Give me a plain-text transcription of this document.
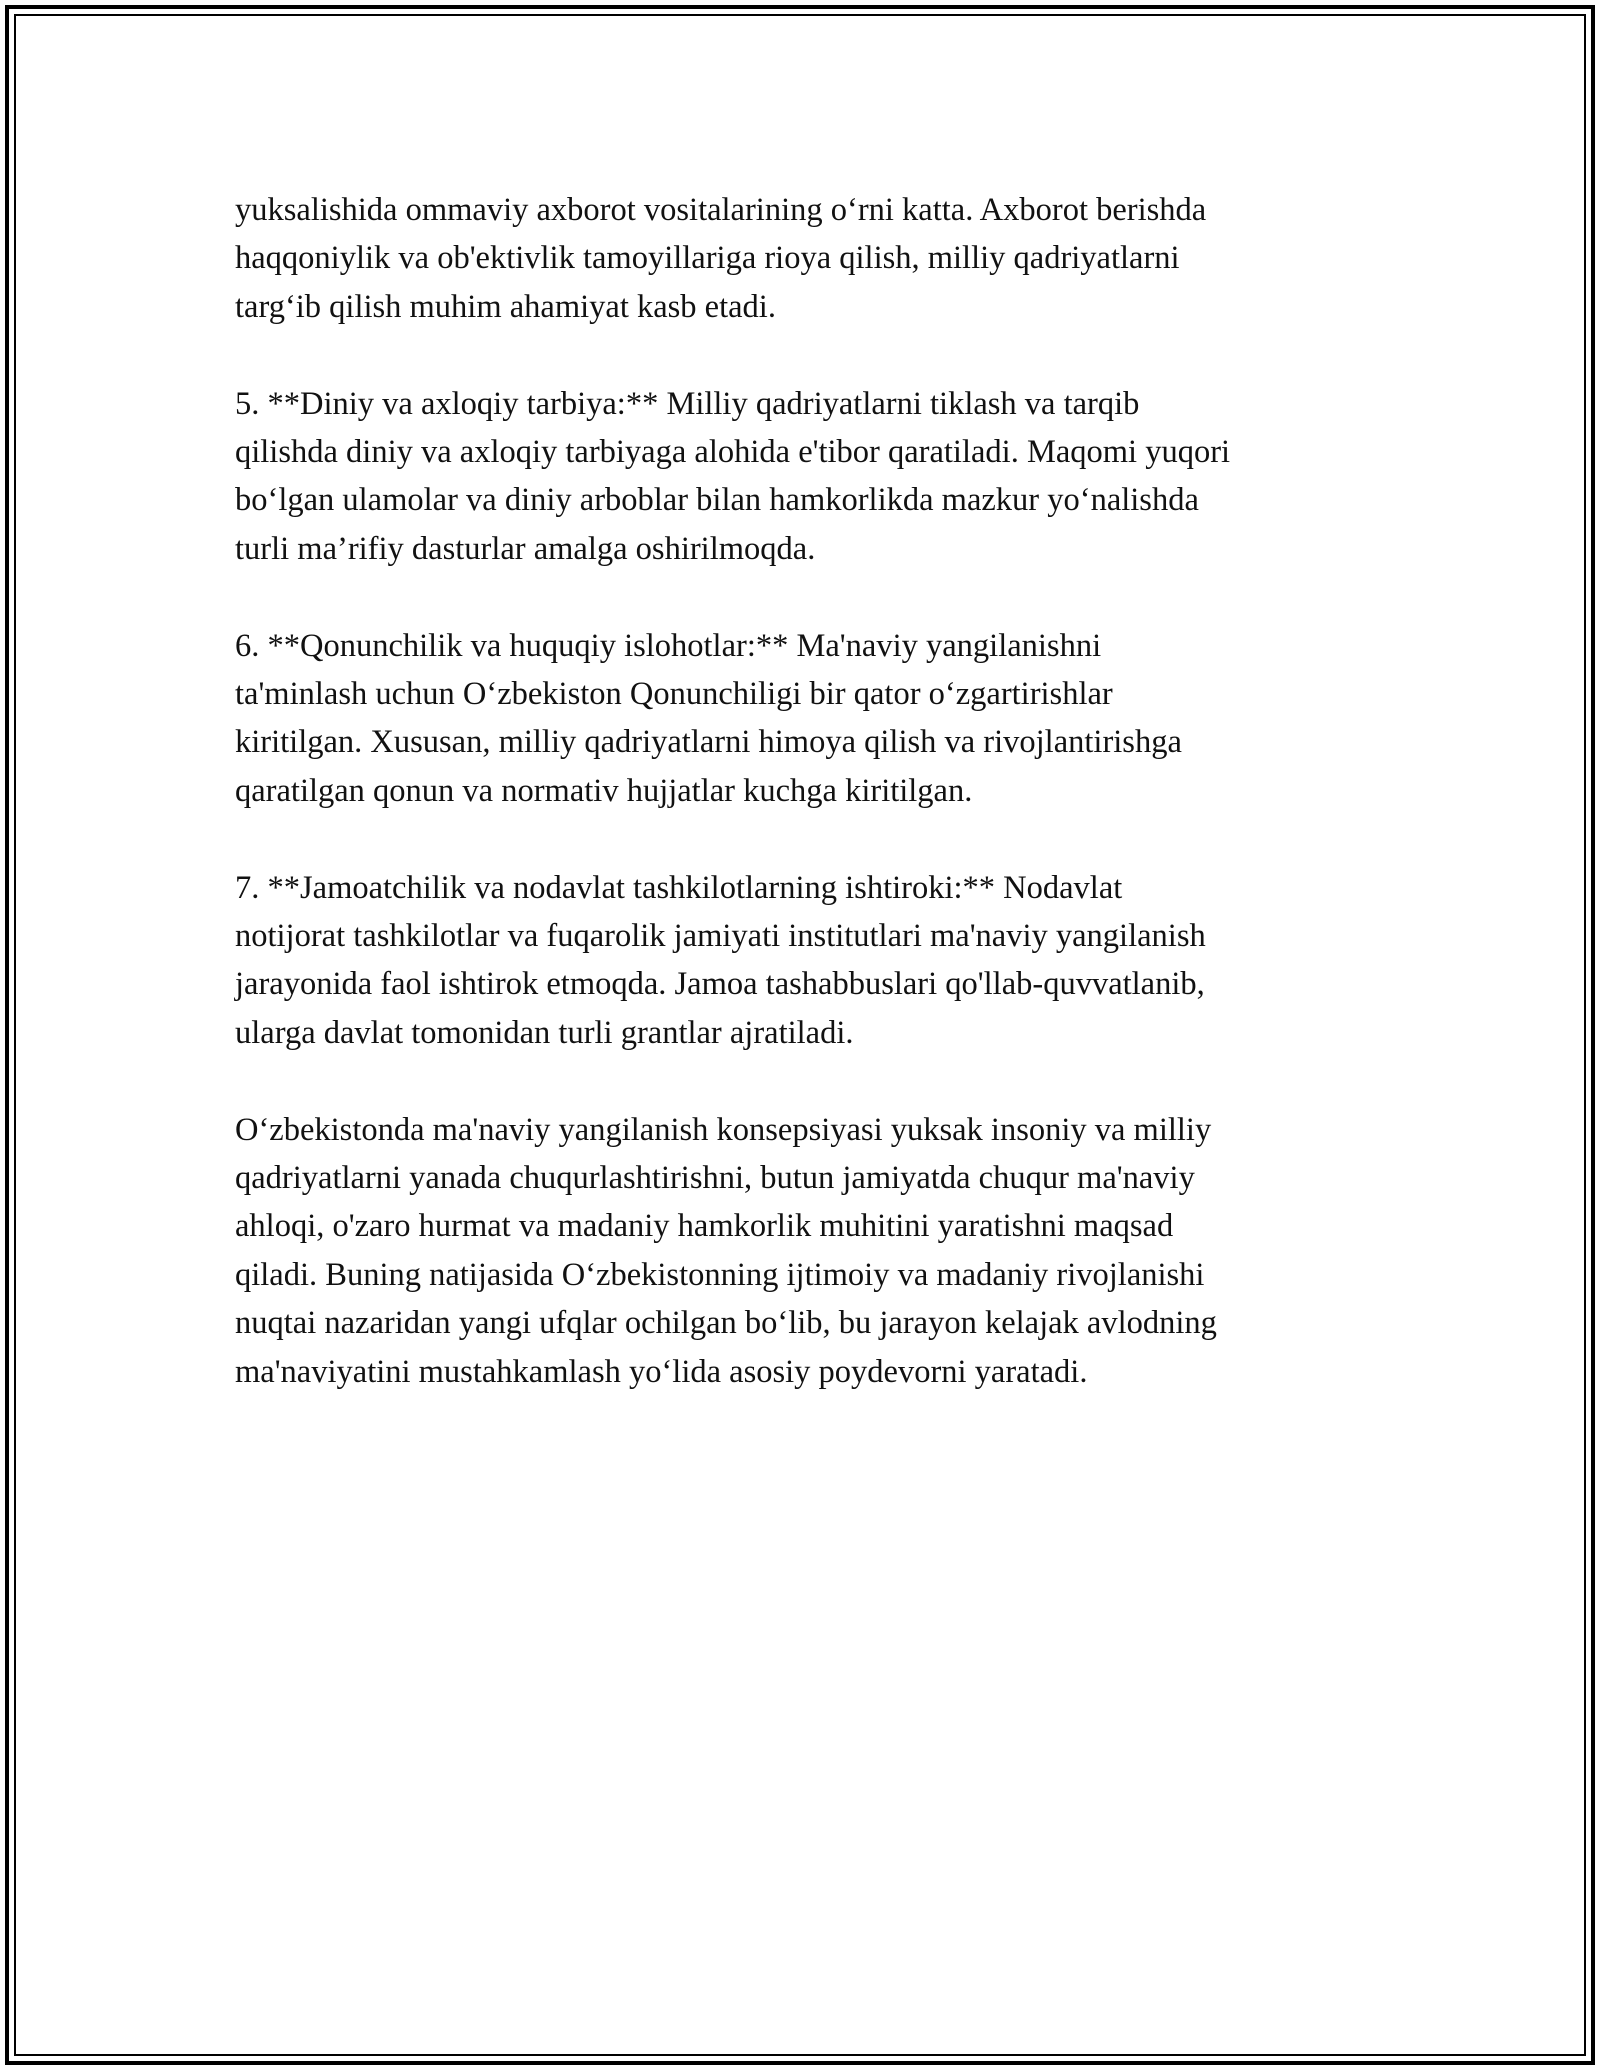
yuksalishida ommaviy axborot vositalarining o‘rni katta. Axborot berishda
haqqoniylik va ob'ektivlik tamoyillariga rioya qilish, milliy qadriyatlarni
targ‘ib qilish muhim ahamiyat kasb etadi.

5. **Diniy va axloqiy tarbiya:** Milliy qadriyatlarni tiklash va tarqib
qilishda diniy va axloqiy tarbiyaga alohida e'tibor qaratiladi. Maqomi yuqori
bo‘lgan ulamolar va diniy arboblar bilan hamkorlikda mazkur yo‘nalishda
turli ma’rifiy dasturlar amalga oshirilmoqda.

6. **Qonunchilik va huquqiy islohotlar:** Ma'naviy yangilanishni
ta'minlash uchun O‘zbekiston Qonunchiligi bir qator o‘zgartirishlar
kiritilgan. Xususan, milliy qadriyatlarni himoya qilish va rivojlantirishga
qaratilgan qonun va normativ hujjatlar kuchga kiritilgan.

7. **Jamoatchilik va nodavlat tashkilotlarning ishtiroki:** Nodavlat
notijorat tashkilotlar va fuqarolik jamiyati institutlari ma'naviy yangilanish
jarayonida faol ishtirok etmoqda. Jamoa tashabbuslari qo'llab-quvvatlanib,
ularga davlat tomonidan turli grantlar ajratiladi.

O‘zbekistonda ma'naviy yangilanish konsepsiyasi yuksak insoniy va milliy
qadriyatlarni yanada chuqurlashtirishni, butun jamiyatda chuqur ma'naviy
ahloqi, o'zaro hurmat va madaniy hamkorlik muhitini yaratishni maqsad
qiladi. Buning natijasida O‘zbekistonning ijtimoiy va madaniy rivojlanishi
nuqtai nazaridan yangi ufqlar ochilgan bo‘lib, bu jarayon kelajak avlodning
ma'naviyatini mustahkamlash yo‘lida asosiy poydevorni yaratadi.
